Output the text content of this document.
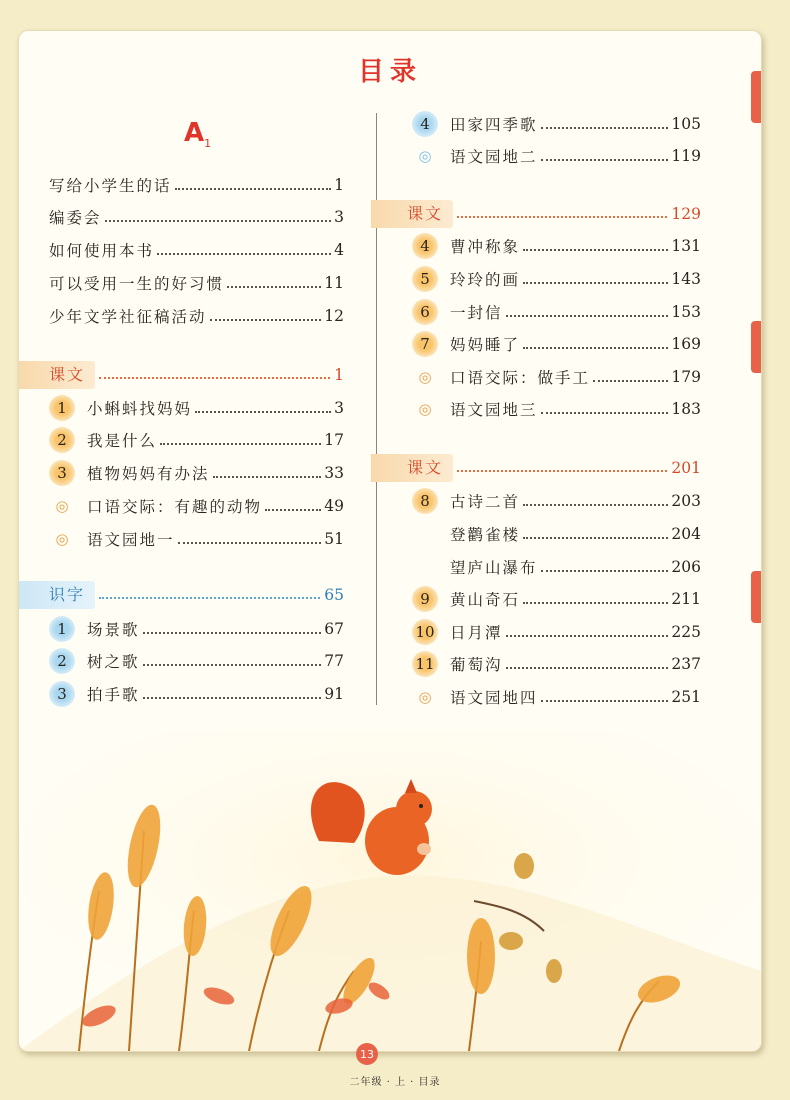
目录
$A_1$
写给小学生的话	1
编委会	3
如何使用本书	4
可以受用一生的好习惯	11
少年文学社征稿活动	12
课文	1
1	小蝌蚪找妈妈	3
2	我是什么	17
3	植物妈妈有办法	33
◎	口语交际：有趣的动物	49
◎	语文园地一	51
识字	65
1	场景歌	67
2	树之歌	77
3	拍手歌	91
4	田家四季歌	105
◎	语文园地二	119
课文	129
4	曹冲称象	131
5	玲玲的画	143
6	一封信	153
7	妈妈睡了	169
◎	口语交际：做手工	179
◎	语文园地三	183
课文	201
8	古诗二首	203
登鹳雀楼	204
望庐山瀑布	206
9	黄山奇石	211
10 日月潭	225
11 葡萄沟	237
◎	语文园地四	251
13
二年级 · 上 · 目录
